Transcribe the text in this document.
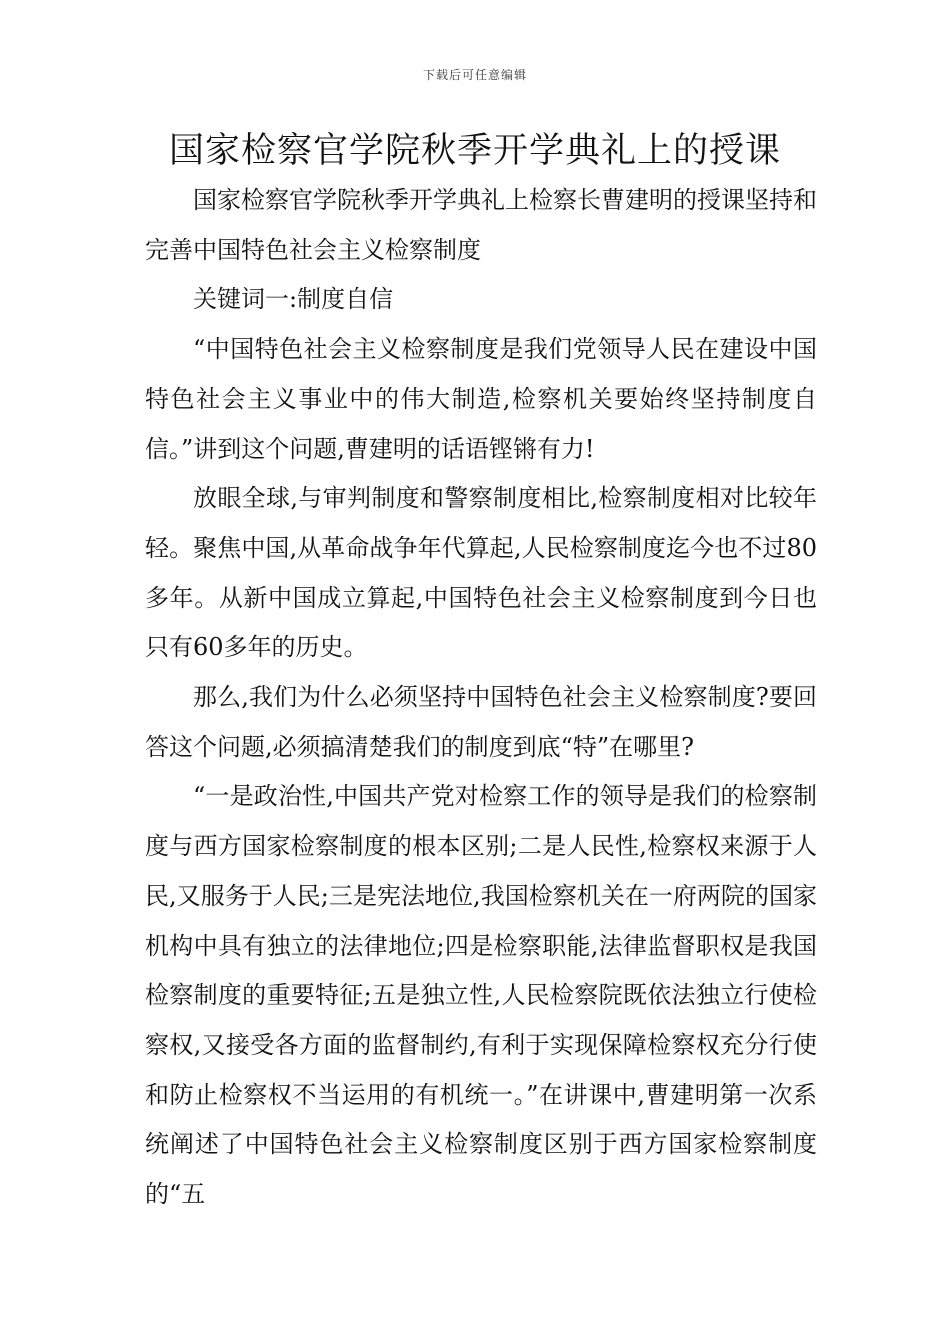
下载后可任意编辑
国家检察官学院秋季开学典礼上的授课

国家检察官学院秋季开学典礼上检察长曹建明的授课坚持和完善中国特色社会主义检察制度

关键词一:制度自信

“中国特色社会主义检察制度是我们党领导人民在建设中国特色社会主义事业中的伟大制造,检察机关要始终坚持制度自信。”讲到这个问题,曹建明的话语铿锵有力!

放眼全球,与审判制度和警察制度相比,检察制度相对比较年轻。聚焦中国,从革命战争年代算起,人民检察制度迄今也不过80多年。从新中国成立算起,中国特色社会主义检察制度到今日也只有60多年的历史。

那么,我们为什么必须坚持中国特色社会主义检察制度?要回答这个问题,必须搞清楚我们的制度到底“特”在哪里?

“一是政治性,中国共产党对检察工作的领导是我们的检察制度与西方国家检察制度的根本区别;二是人民性,检察权来源于人民,又服务于人民;三是宪法地位,我国检察机关在一府两院的国家机构中具有独立的法律地位;四是检察职能,法律监督职权是我国检察制度的重要特征;五是独立性,人民检察院既依法独立行使检察权,又接受各方面的监督制约,有利于实现保障检察权充分行使和防止检察权不当运用的有机统一。”在讲课中,曹建明第一次系统阐述了中国特色社会主义检察制度区别于西方国家检察制度的“五
